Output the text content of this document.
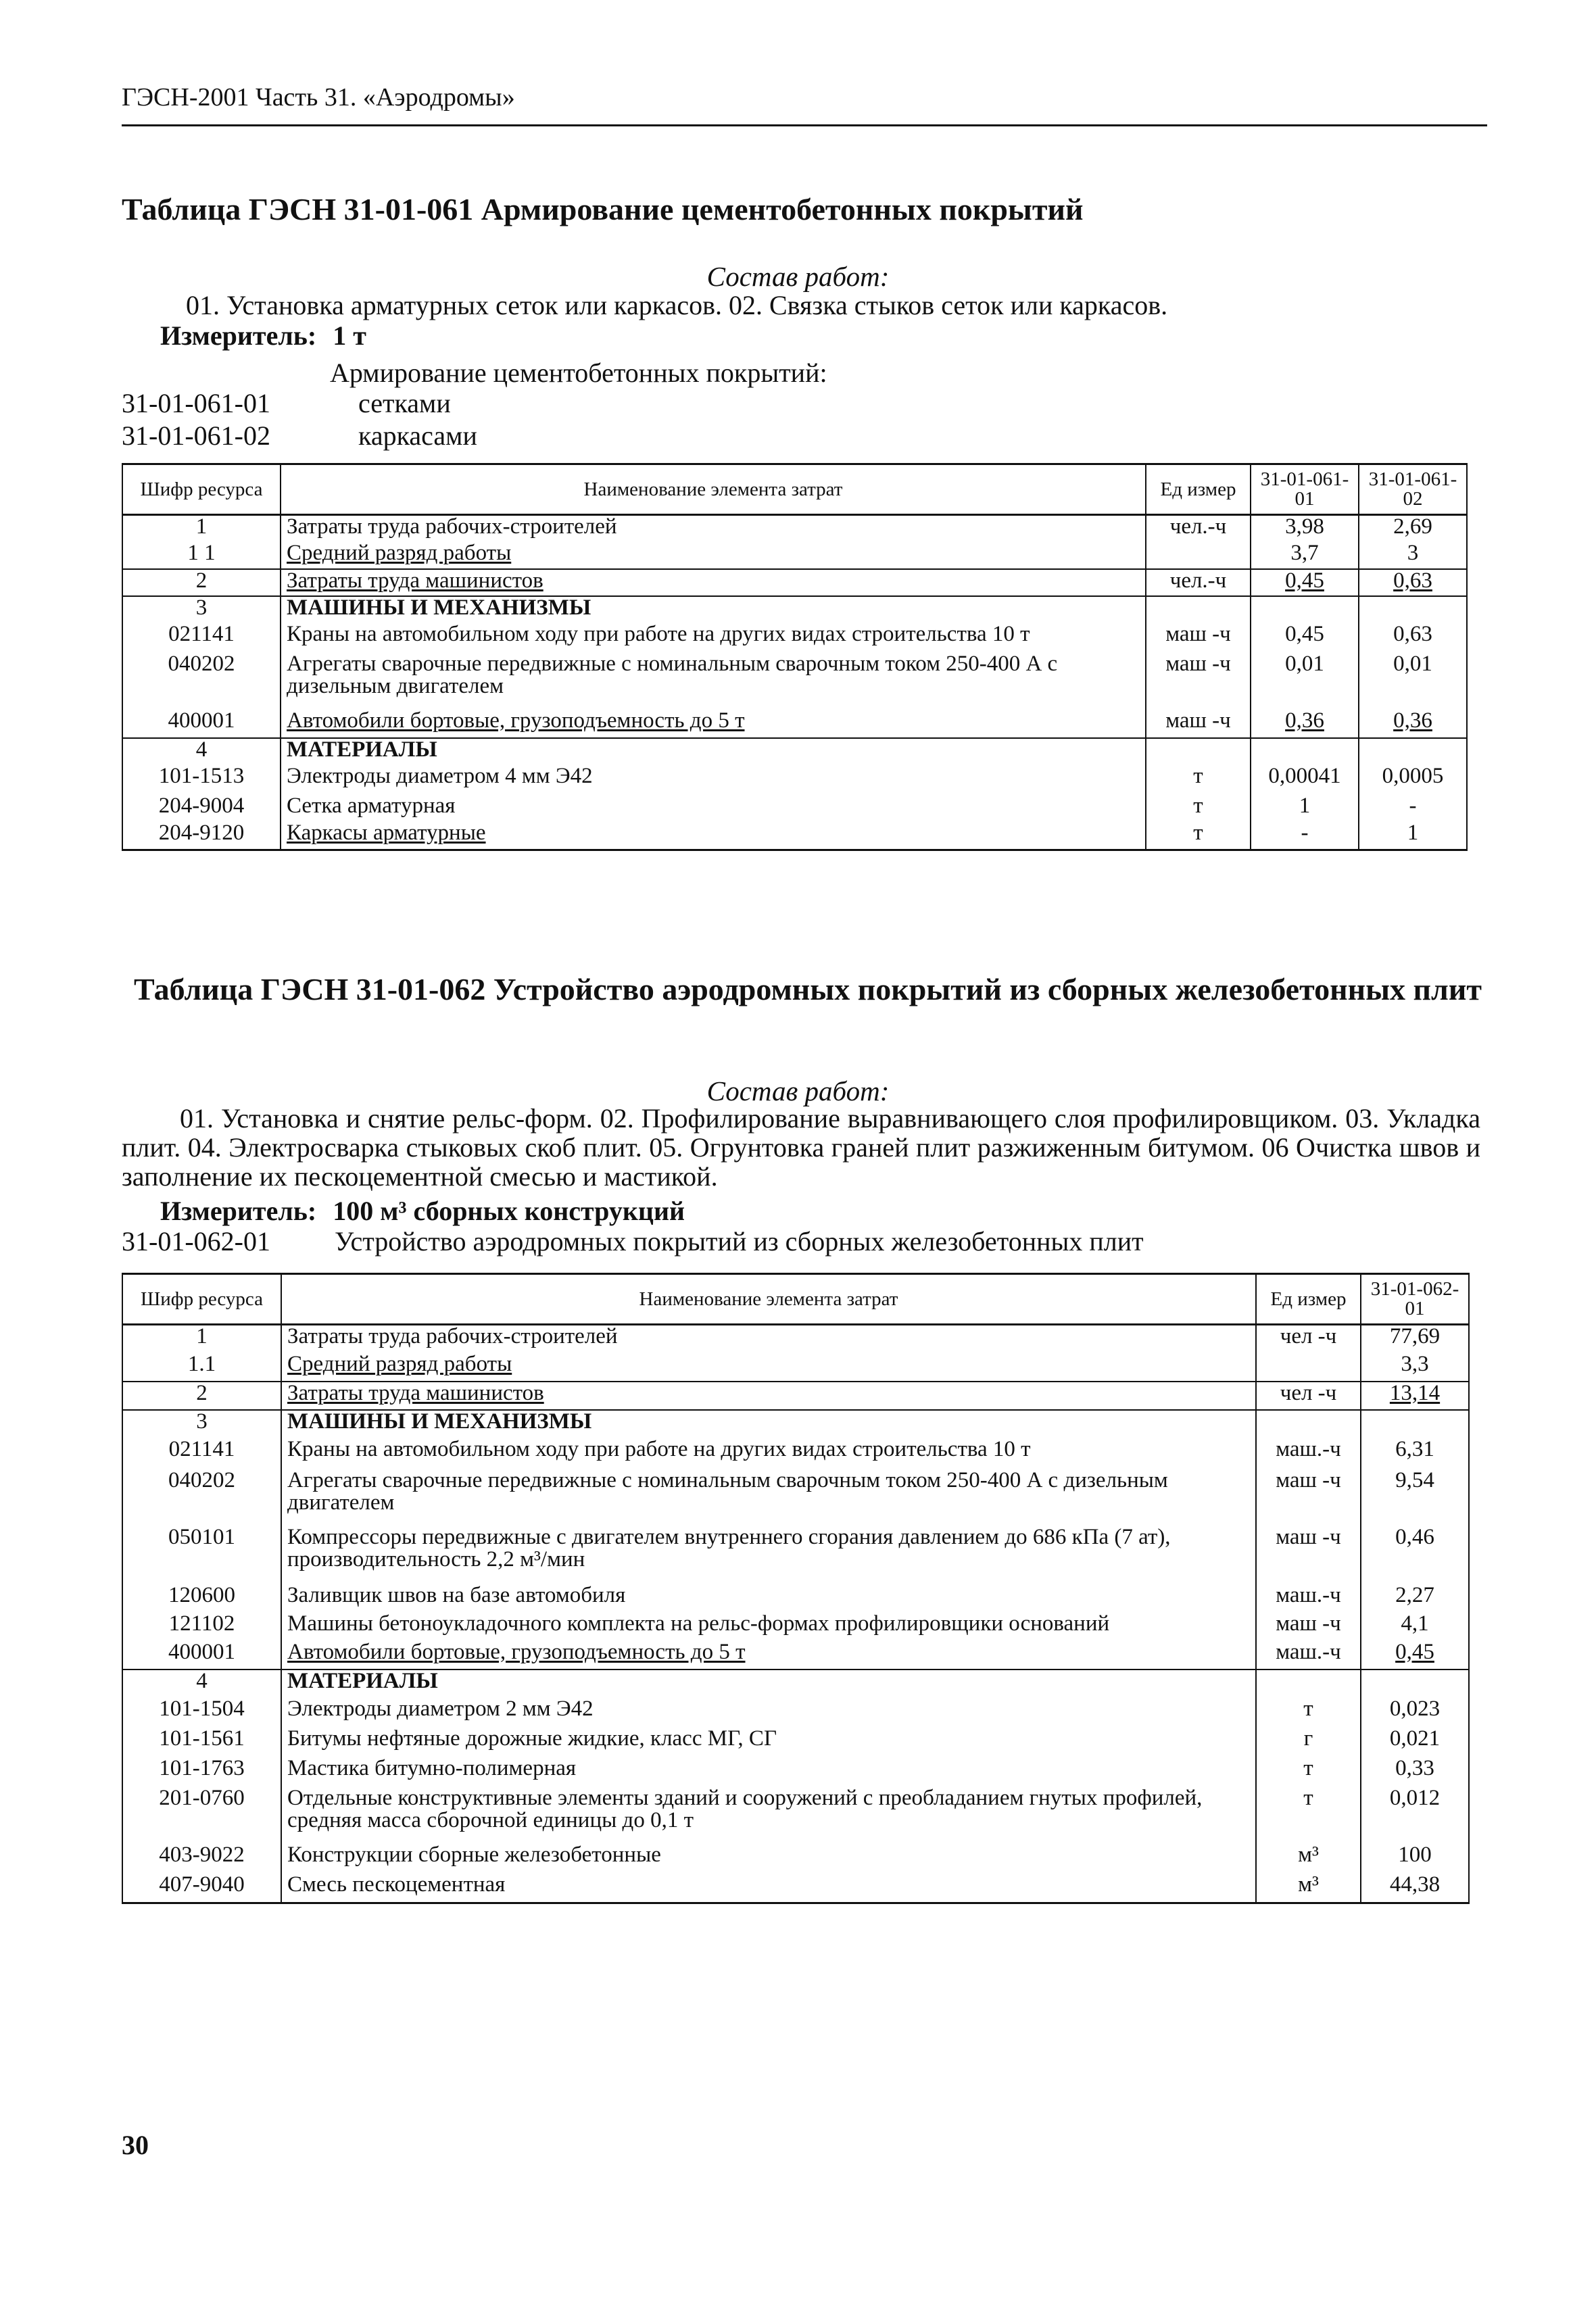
ГЭСН-2001 Часть 31. «Аэродромы»
Таблица ГЭСН 31-01-061 Армирование цементобетонных покрытий
Состав работ:
01. Установка арматурных сеток или каркасов. 02. Связка стыков сеток или каркасов.
Измеритель: 1 т
Армирование цементобетонных покрытий:
31-01-061-01	сетками
31-01-061-02	каркасами
Шифр ресурса	Наименование элемента затрат	Ед измер	31-01-061-01	31-01-061-02
1	Затраты труда рабочих-строителей	чел.-ч	3,98	2,69
1 1	Средний разряд работы		3,7	3
2	Затраты труда машинистов	чел.-ч	0,45	0,63
3	МАШИНЫ И МЕХАНИЗМЫ			
021141	Краны на автомобильном ходу при работе на других видах строительства 10 т	маш -ч	0,45	0,63
040202	Агрегаты сварочные передвижные с номинальным сварочным током 250-400 А с дизельным двигателем	маш -ч	0,01	0,01
400001	Автомобили бортовые, грузоподъемность до 5 т	маш -ч	0,36	0,36
4	МАТЕРИАЛЫ			
101-1513	Электроды диаметром 4 мм Э42	т	0,00041	0,0005
204-9004	Сетка арматурная	т	1	-
204-9120	Каркасы арматурные	т	-	1
Таблица ГЭСН 31-01-062 Устройство аэродромных покрытий из сборных железобетонных плит
Состав работ:
01. Установка и снятие рельс-форм. 02. Профилирование выравнивающего слоя профилировщиком. 03. Укладка плит. 04. Электросварка стыковых скоб плит. 05. Огрунтовка граней плит разжиженным битумом. 06 Очистка швов и заполнение их пескоцементной смесью и мастикой.
Измеритель: 100 м³ сборных конструкций
31-01-062-01 Устройство аэродромных покрытий из сборных железобетонных плит
Шифр ресурса	Наименование элемента затрат	Ед измер	31-01-062-01
1	Затраты труда рабочих-строителей	чел -ч	77,69
1.1	Средний разряд работы		3,3
2	Затраты труда машинистов	чел -ч	13,14
3	МАШИНЫ И МЕХАНИЗМЫ		
021141	Краны на автомобильном ходу при работе на других видах строительства 10 т	маш.-ч	6,31
040202	Агрегаты сварочные передвижные с номинальным сварочным током 250-400 А с дизельным двигателем	маш -ч	9,54
050101	Компрессоры передвижные с двигателем внутреннего сгорания давлением до 686 кПа (7 ат), производительность 2,2 м³/мин	маш -ч	0,46
120600	Заливщик швов на базе автомобиля	маш.-ч	2,27
121102	Машины бетоноукладочного комплекта на рельс-формах профилировщики оснований	маш -ч	4,1
400001	Автомобили бортовые, грузоподъемность до 5 т	маш.-ч	0,45
4	МАТЕРИАЛЫ		
101-1504	Электроды диаметром 2 мм Э42	т	0,023
101-1561	Битумы нефтяные дорожные жидкие, класс МГ, СГ	г	0,021
101-1763	Мастика битумно-полимерная	т	0,33
201-0760	Отдельные конструктивные элементы зданий и сооружений с преобладанием гнутых профилей, средняя масса сборочной единицы до 0,1 т	т	0,012
403-9022	Конструкции сборные железобетонные	м³	100
407-9040	Смесь пескоцементная	м³	44,38
30
